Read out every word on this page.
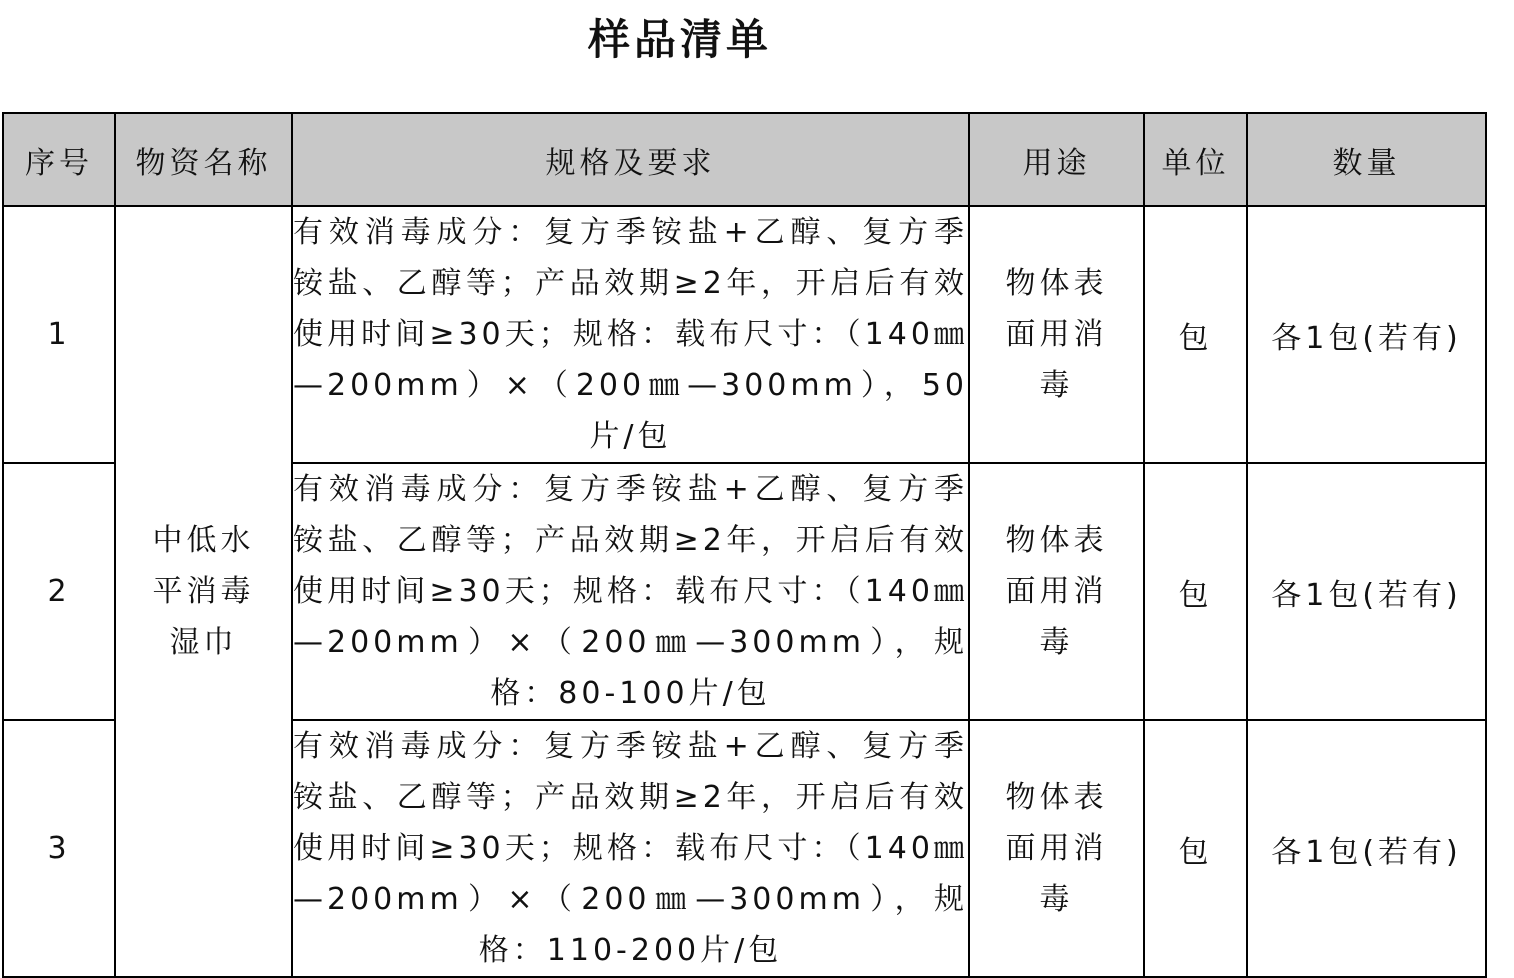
样品清单
序号	物资名称	规格及要求	用途	单位	数量
1	中低水平消毒湿巾	有效消毒成分：复方季铵盐+乙醇、复方季铵盐、乙醇等；产品效期≥2年，开启后有效使用时间≥30天；规格：载布尺寸：（140㎜—200mm）×（200㎜—300mm），50片/包	物体表面用消毒	包	各1包(若有)
2		有效消毒成分：复方季铵盐+乙醇、复方季铵盐、乙醇等；产品效期≥2年，开启后有效使用时间≥30天；规格：载布尺寸：（140㎜—200mm）×（200㎜—300mm），规格：80-100片/包	物体表面用消毒	包	各1包(若有)
3		有效消毒成分：复方季铵盐+乙醇、复方季铵盐、乙醇等；产品效期≥2年，开启后有效使用时间≥30天；规格：载布尺寸：（140㎜—200mm）×（200㎜—300mm），规格：110-200片/包	物体表面用消毒	包	各1包(若有)
